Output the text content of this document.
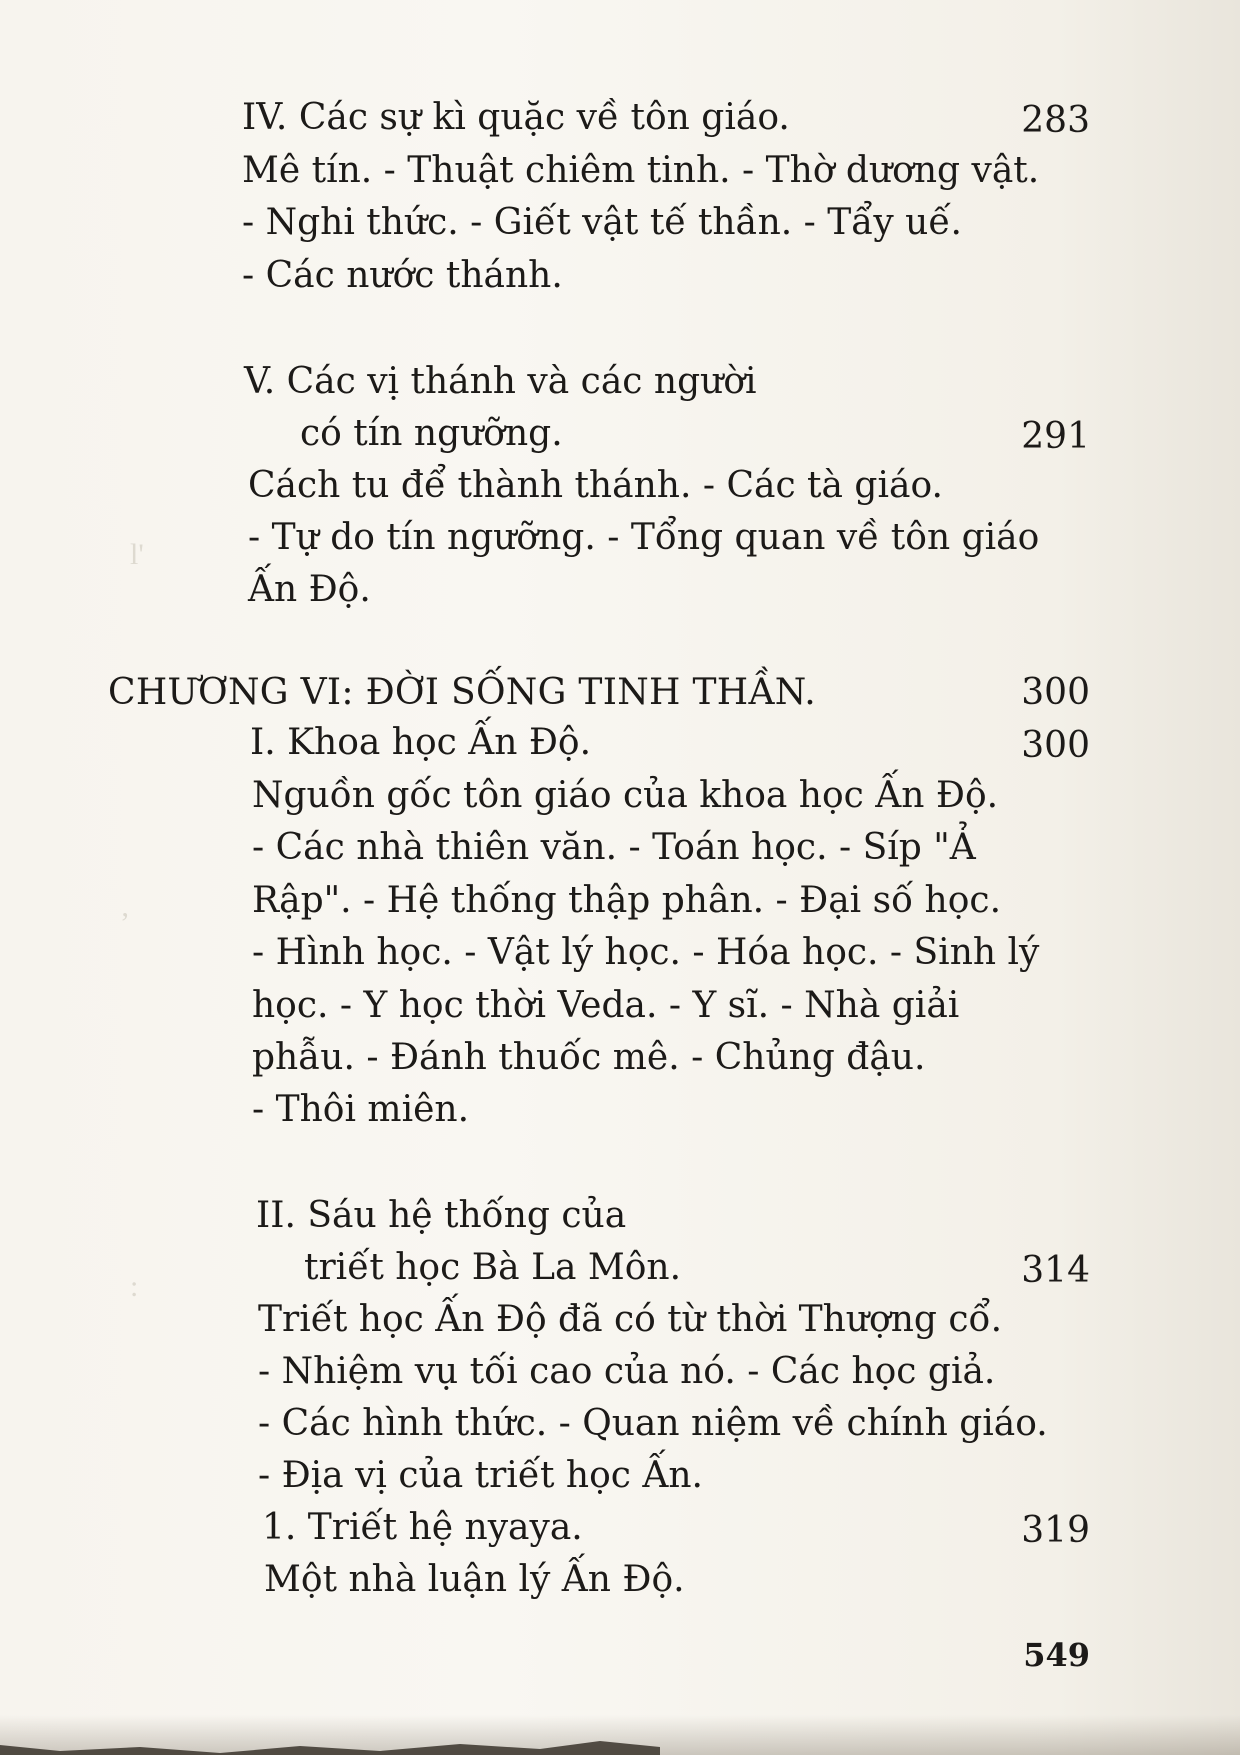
l'
‚
:
IV. Các sự kì quặc về tôn giáo.	283
Mê tín. - Thuật chiêm tinh. - Thờ dương vật.
- Nghi thức. - Giết vật tế thần. - Tẩy uế.
- Các nước thánh.
V. Các vị thánh và các người
có tín ngưỡng.	291
Cách tu để thành thánh. - Các tà giáo.
- Tự do tín ngưỡng. - Tổng quan về tôn giáo
Ấn Độ.
CHƯƠNG VI: ĐỜI SỐNG TINH THẦN.	300
I. Khoa học Ấn Độ.	300
Nguồn gốc tôn giáo của khoa học Ấn Độ.
- Các nhà thiên văn. - Toán học. - Síp "Ả
Rập". - Hệ thống thập phân. - Đại số học.
- Hình học. - Vật lý học. - Hóa học. - Sinh lý
học. - Y học thời Veda. - Y sĩ. - Nhà giải
phẫu. - Đánh thuốc mê. - Chủng đậu.
- Thôi miên.
II. Sáu hệ thống của
triết học Bà La Môn.	314
Triết học Ấn Độ đã có từ thời Thượng cổ.
- Nhiệm vụ tối cao của nó. - Các học giả.
- Các hình thức. - Quan niệm về chính giáo.
- Địa vị của triết học Ấn.
1. Triết hệ nyaya.	319
Một nhà luận lý Ấn Độ.
549
